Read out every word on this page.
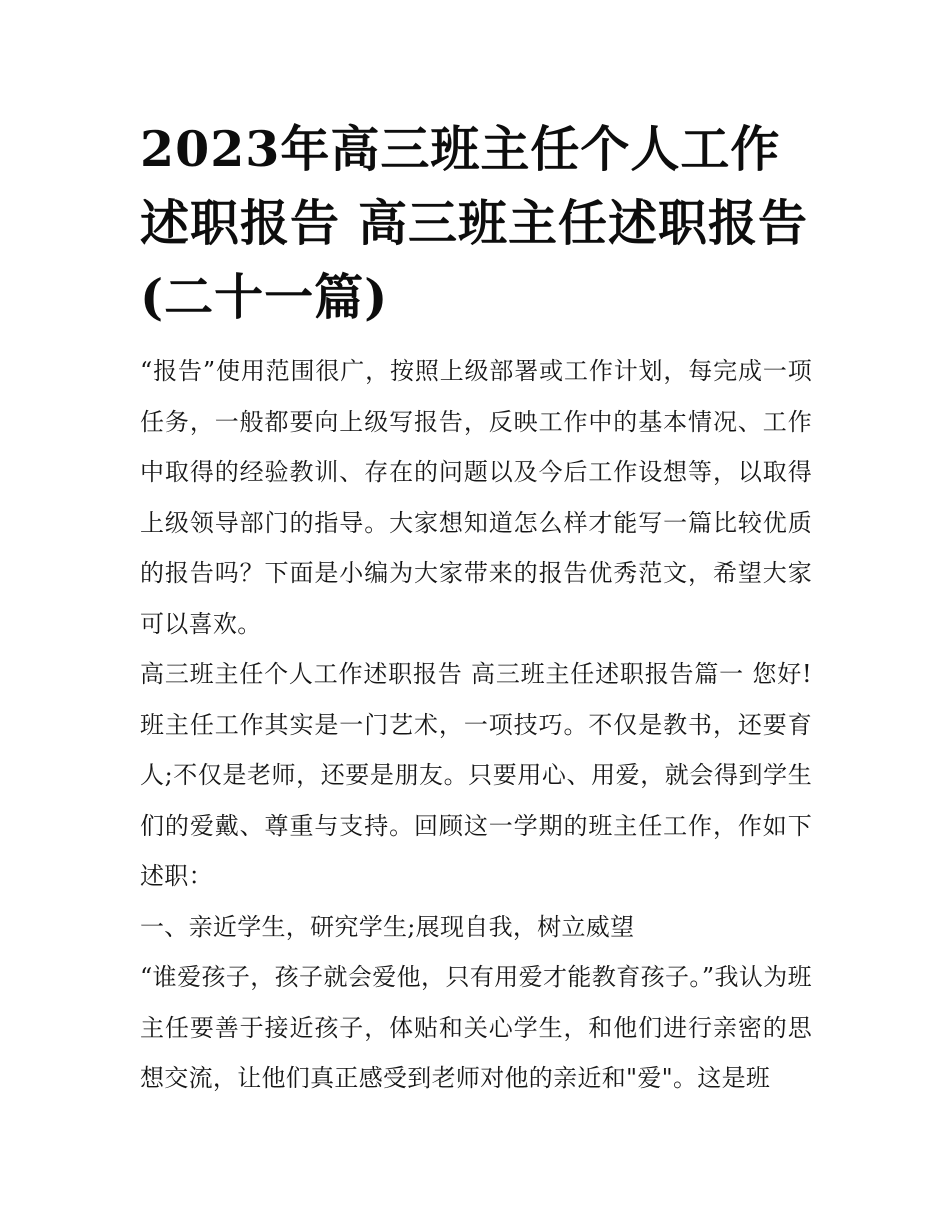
2023年高三班主任个人工作述职报告 高三班主任述职报告(二十一篇)

“报告”使用范围很广，按照上级部署或工作计划，每完成一项任务，一般都要向上级写报告，反映工作中的基本情况、工作中取得的经验教训、存在的问题以及今后工作设想等，以取得上级领导部门的指导。大家想知道怎么样才能写一篇比较优质的报告吗？下面是小编为大家带来的报告优秀范文，希望大家可以喜欢。

高三班主任个人工作述职报告 高三班主任述职报告篇一 您好!班主任工作其实是一门艺术，一项技巧。不仅是教书，还要育人;不仅是老师，还要是朋友。只要用心、用爱，就会得到学生们的爱戴、尊重与支持。回顾这一学期的班主任工作，作如下述职：

一、亲近学生，研究学生;展现自我，树立威望

“谁爱孩子，孩子就会爱他，只有用爱才能教育孩子。”我认为班主任要善于接近孩子，体贴和关心学生，和他们进行亲密的思想交流，让他们真正感受到老师对他的亲近和"爱"。这是班
